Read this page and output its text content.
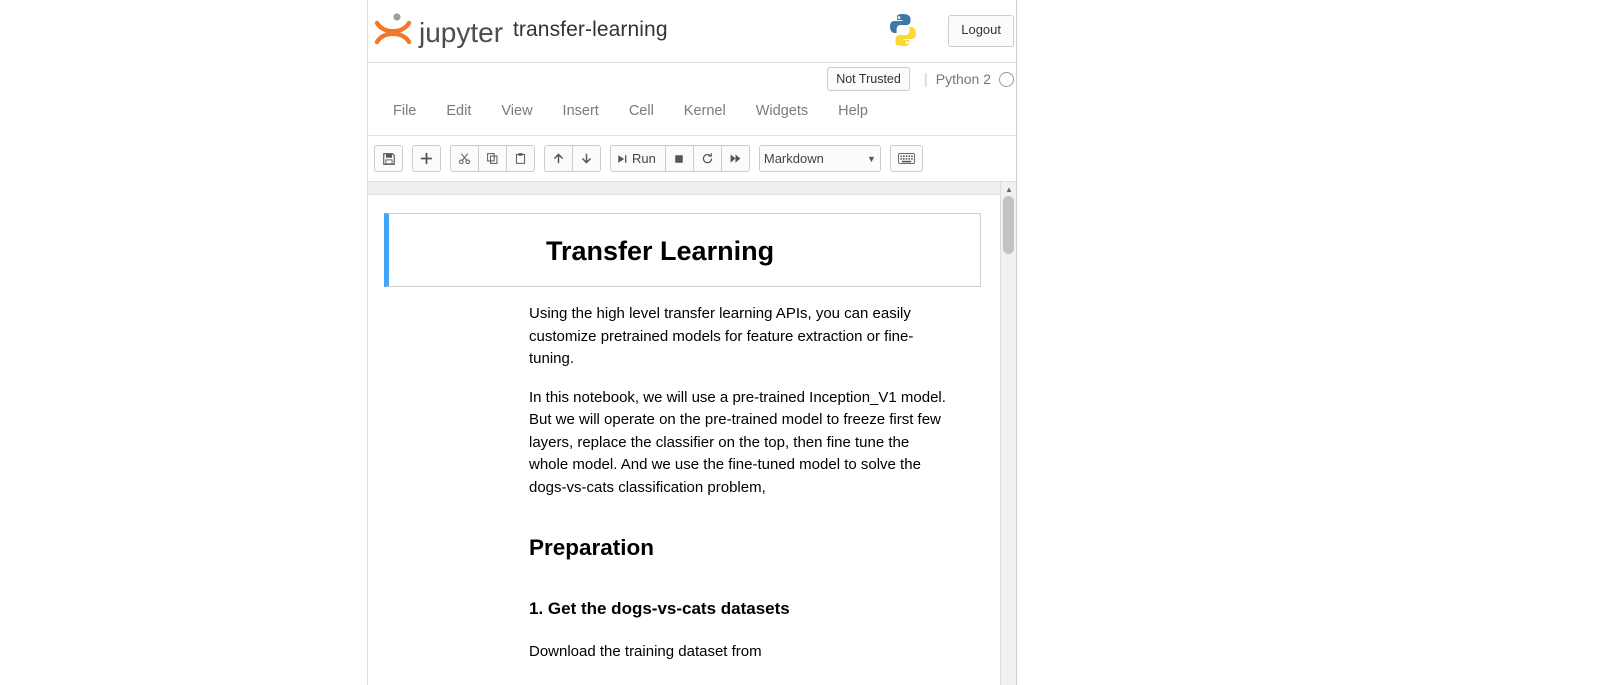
jupyter transfer-learning	Logout
Not Trusted	| Python 2
File	Edit	View	Insert	Cell	Kernel	Widgets	Help
Run	Markdown	▼
▲
Transfer Learning

Using the high level transfer learning APIs, you can easily customize pretrained models for feature extraction or fine-tuning.

In this notebook, we will use a pre-trained Inception_V1 model. But we will operate on the pre-trained model to freeze first few layers, replace the classifier on the top, then fine tune the whole model. And we use the fine-tuned model to solve the dogs-vs-cats classification problem,

Preparation
1. Get the dogs-vs-cats datasets

Download the training dataset from
